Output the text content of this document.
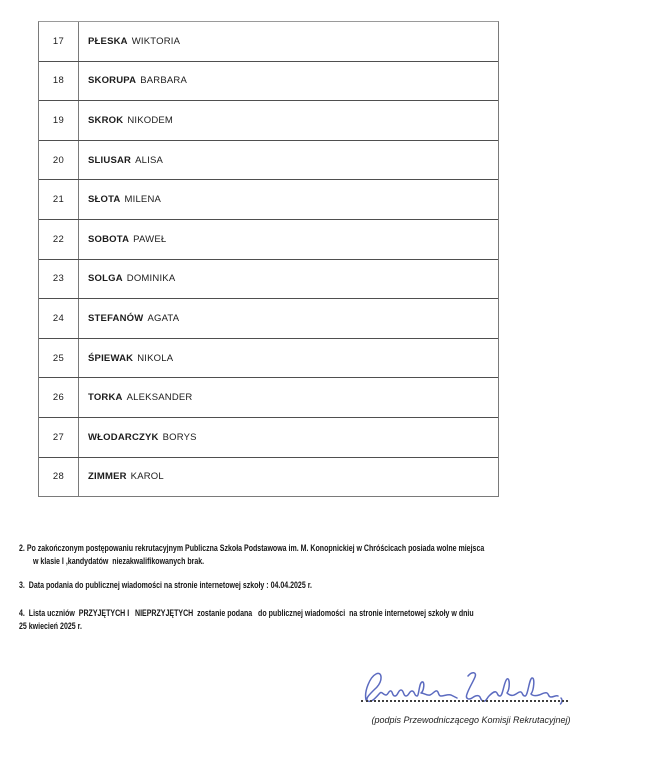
17	PŁESKA WIKTORIA
18	SKORUPA BARBARA
19	SKROK NIKODEM
20	SLIUSAR ALISA
21	SŁOTA MILENA
22	SOBOTA PAWEŁ
23	SOLGA DOMINIKA
24	STEFANÓW AGATA
25	ŚPIEWAK NIKOLA
26	TORKA ALEKSANDER
27	WŁODARCZYK BORYS
28	ZIMMER KAROL
2. Po zakończonym postępowaniu rekrutacyjnym Publiczna Szkoła Podstawowa im. M. Konopnickiej w Chróścicach posiada wolne miejsca
w klasie I ,kandydatów  niezakwalifikowanych brak.
3.  Data podania do publicznej wiadomości na stronie internetowej szkoły : 04.04.2025 r.
4.  Lista uczniów  PRZYJĘTYCH I   NIEPRZYJĘTYCH  zostanie podana   do publicznej wiadomości  na stronie internetowej szkoły w dniu
25 kwiecień 2025 r.
(podpis Przewodniczącego Komisji Rekrutacyjnej)
